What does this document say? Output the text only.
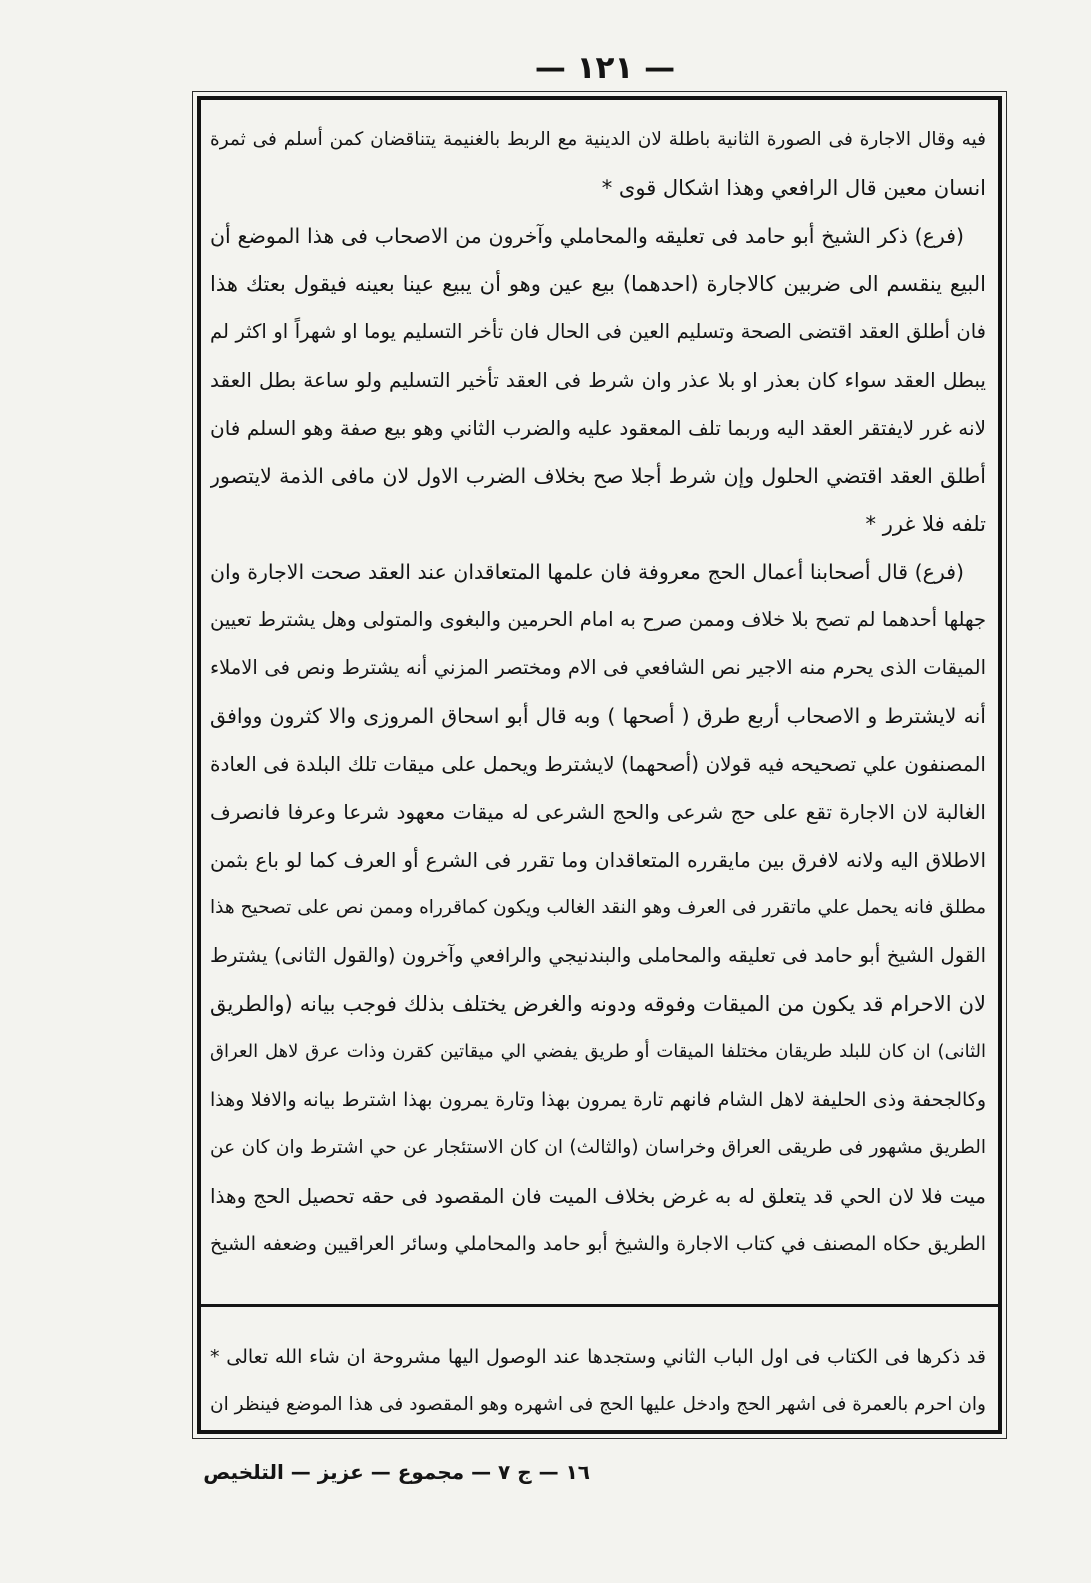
— ١٢١ —
فيه وقال الاجارة فى الصورة الثانية باطلة لان الدينية مع الربط بالغنيمة يتناقضان كمن أسلم فى ثمرة
انسان معين قال الرافعي وهذا اشكال قوى *
(فرع) ذكر الشيخ أبو حامد فى تعليقه والمحاملي وآخرون من الاصحاب فى هذا الموضع أن
البيع ينقسم الى ضربين كالاجارة (احدهما) بيع عين وهو أن يبيع عينا بعينه فيقول بعتك هذا
فان أطلق العقد اقتضى الصحة وتسليم العين فى الحال فان تأخر التسليم يوما او شهراً او اكثر لم
يبطل العقد سواء كان بعذر او بلا عذر وان شرط فى العقد تأخير التسليم ولو ساعة بطل العقد
لانه غرر لايفتقر العقد اليه وربما تلف المعقود عليه والضرب الثاني وهو بيع صفة وهو السلم فان
أطلق العقد اقتضي الحلول وإن شرط أجلا صح بخلاف الضرب الاول لان مافى الذمة لايتصور
تلفه فلا غرر *
(فرع) قال أصحابنا أعمال الحج معروفة فان علمها المتعاقدان عند العقد صحت الاجارة وان
جهلها أحدهما لم تصح بلا خلاف وممن صرح به امام الحرمين والبغوى والمتولى وهل يشترط تعيين
الميقات الذى يحرم منه الاجير نص الشافعي فى الام ومختصر المزني أنه يشترط ونص فى الاملاء
أنه لايشترط و الاصحاب أربع طرق ( أصحها ) وبه قال أبو اسحاق المروزى والا كثرون ووافق
المصنفون علي تصحيحه فيه قولان (أصحهما) لايشترط ويحمل على ميقات تلك البلدة فى العادة
الغالبة لان الاجارة تقع على حج شرعى والحج الشرعى له ميقات معهود شرعا وعرفا فانصرف
الاطلاق اليه ولانه لافرق بين مايقرره المتعاقدان وما تقرر فى الشرع أو العرف كما لو باع بثمن
مطلق فانه يحمل علي ماتقرر فى العرف وهو النقد الغالب ويكون كماقرراه وممن نص على تصحيح هذا
القول الشيخ أبو حامد فى تعليقه والمحاملى والبندنيجي والرافعي وآخرون (والقول الثانى) يشترط
لان الاحرام قد يكون من الميقات وفوقه ودونه والغرض يختلف بذلك فوجب بيانه (والطريق
الثانى) ان كان للبلد طريقان مختلفا الميقات أو طريق يفضي الي ميقاتين كقرن وذات عرق لاهل العراق
وكالجحفة وذى الحليفة لاهل الشام فانهم تارة يمرون بهذا وتارة يمرون بهذا اشترط بيانه والافلا وهذا
الطريق مشهور فى طريقى العراق وخراسان (والثالث) ان كان الاستئجار عن حي اشترط وان كان عن
ميت فلا لان الحي قد يتعلق له به غرض بخلاف الميت فان المقصود فى حقه تحصيل الحج وهذا
الطريق حكاه المصنف في كتاب الاجارة والشيخ أبو حامد والمحاملي وسائر العراقيين وضعفه الشيخ
قد ذكرها فى الكتاب فى اول الباب الثاني وستجدها عند الوصول اليها مشروحة ان شاء الله تعالى *
وان احرم بالعمرة فى اشهر الحج وادخل عليها الحج فى اشهره وهو المقصود فى هذا الموضع فينظر ان
١٦ — ج ٧ — مجموع — عزيز — التلخيص
